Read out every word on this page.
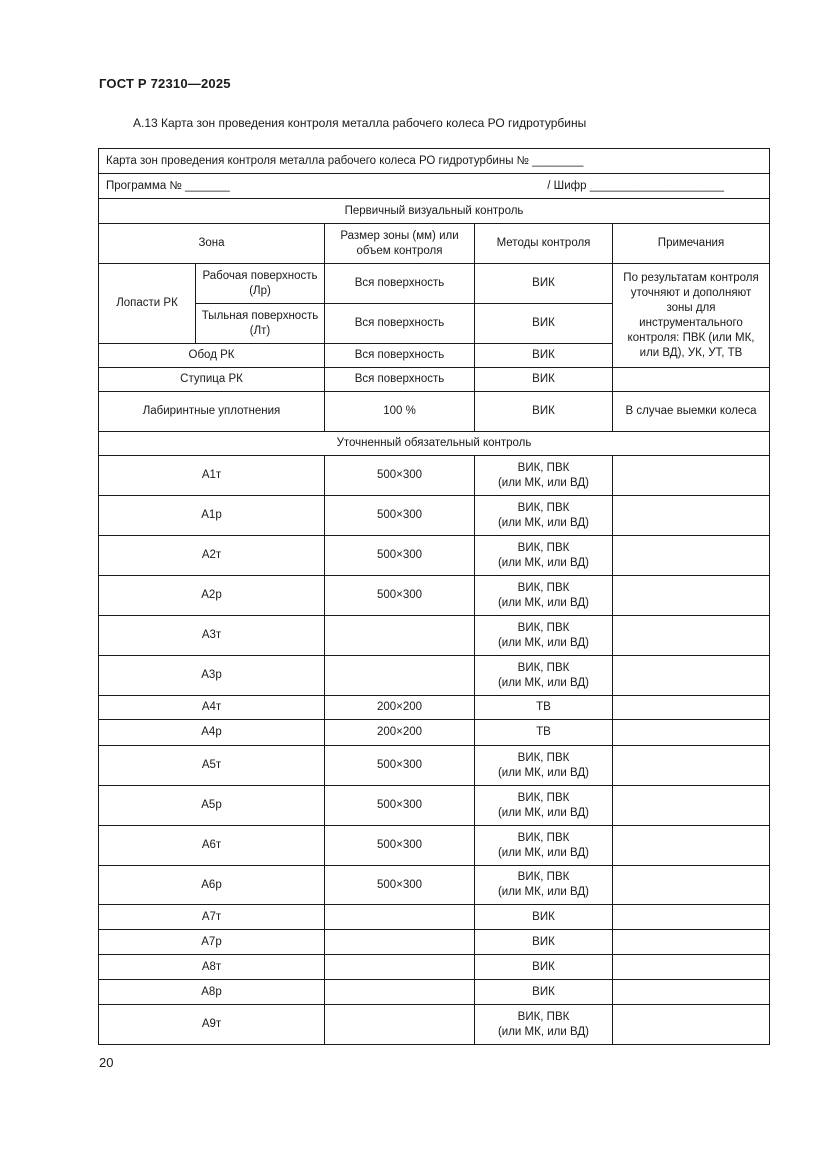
ГОСТ Р 72310—2025
А.13 Карта зон проведения контроля металла рабочего колеса РО гидротурбины
Карта зон проведения контроля металла рабочего колеса РО гидротурбины № ________				

Программа № _______ / Шифр _____________________				

Первичный визуальный контроль				
Зона		Размер зоны (мм) или объем контроля	Методы контроля	Примечания
Лопасти РК	Рабочая поверхность (Лр)	Вся поверхность	ВИК	По результатам контроля уточняют и дополняют зоны для инструментального контроля: ПВК (или МК, или ВД), УК, УТ, ТВ
	Тыльная поверхность (Лт)	Вся поверхность	ВИК	
Обод РК		Вся поверхность	ВИК	
Ступица РК		Вся поверхность	ВИК	
Лабиринтные уплотнения		100 %	ВИК	В случае выемки колеса
Уточненный обязательный контроль				
А1т		500×300	ВИК, ПВК
(или МК, или ВД)	
А1р		500×300	ВИК, ПВК
(или МК, или ВД)	
А2т		500×300	ВИК, ПВК
(или МК, или ВД)	
А2р		500×300	ВИК, ПВК
(или МК, или ВД)	
А3т			ВИК, ПВК
(или МК, или ВД)	
А3р			ВИК, ПВК
(или МК, или ВД)	
А4т		200×200	ТВ	
А4р		200×200	ТВ	
А5т		500×300	ВИК, ПВК
(или МК, или ВД)	
А5р		500×300	ВИК, ПВК
(или МК, или ВД)	
А6т		500×300	ВИК, ПВК
(или МК, или ВД)	
А6р		500×300	ВИК, ПВК
(или МК, или ВД)	
А7т			ВИК	
А7р			ВИК	
А8т			ВИК	
А8р			ВИК	
А9т			ВИК, ПВК
(или МК, или ВД)	
20
